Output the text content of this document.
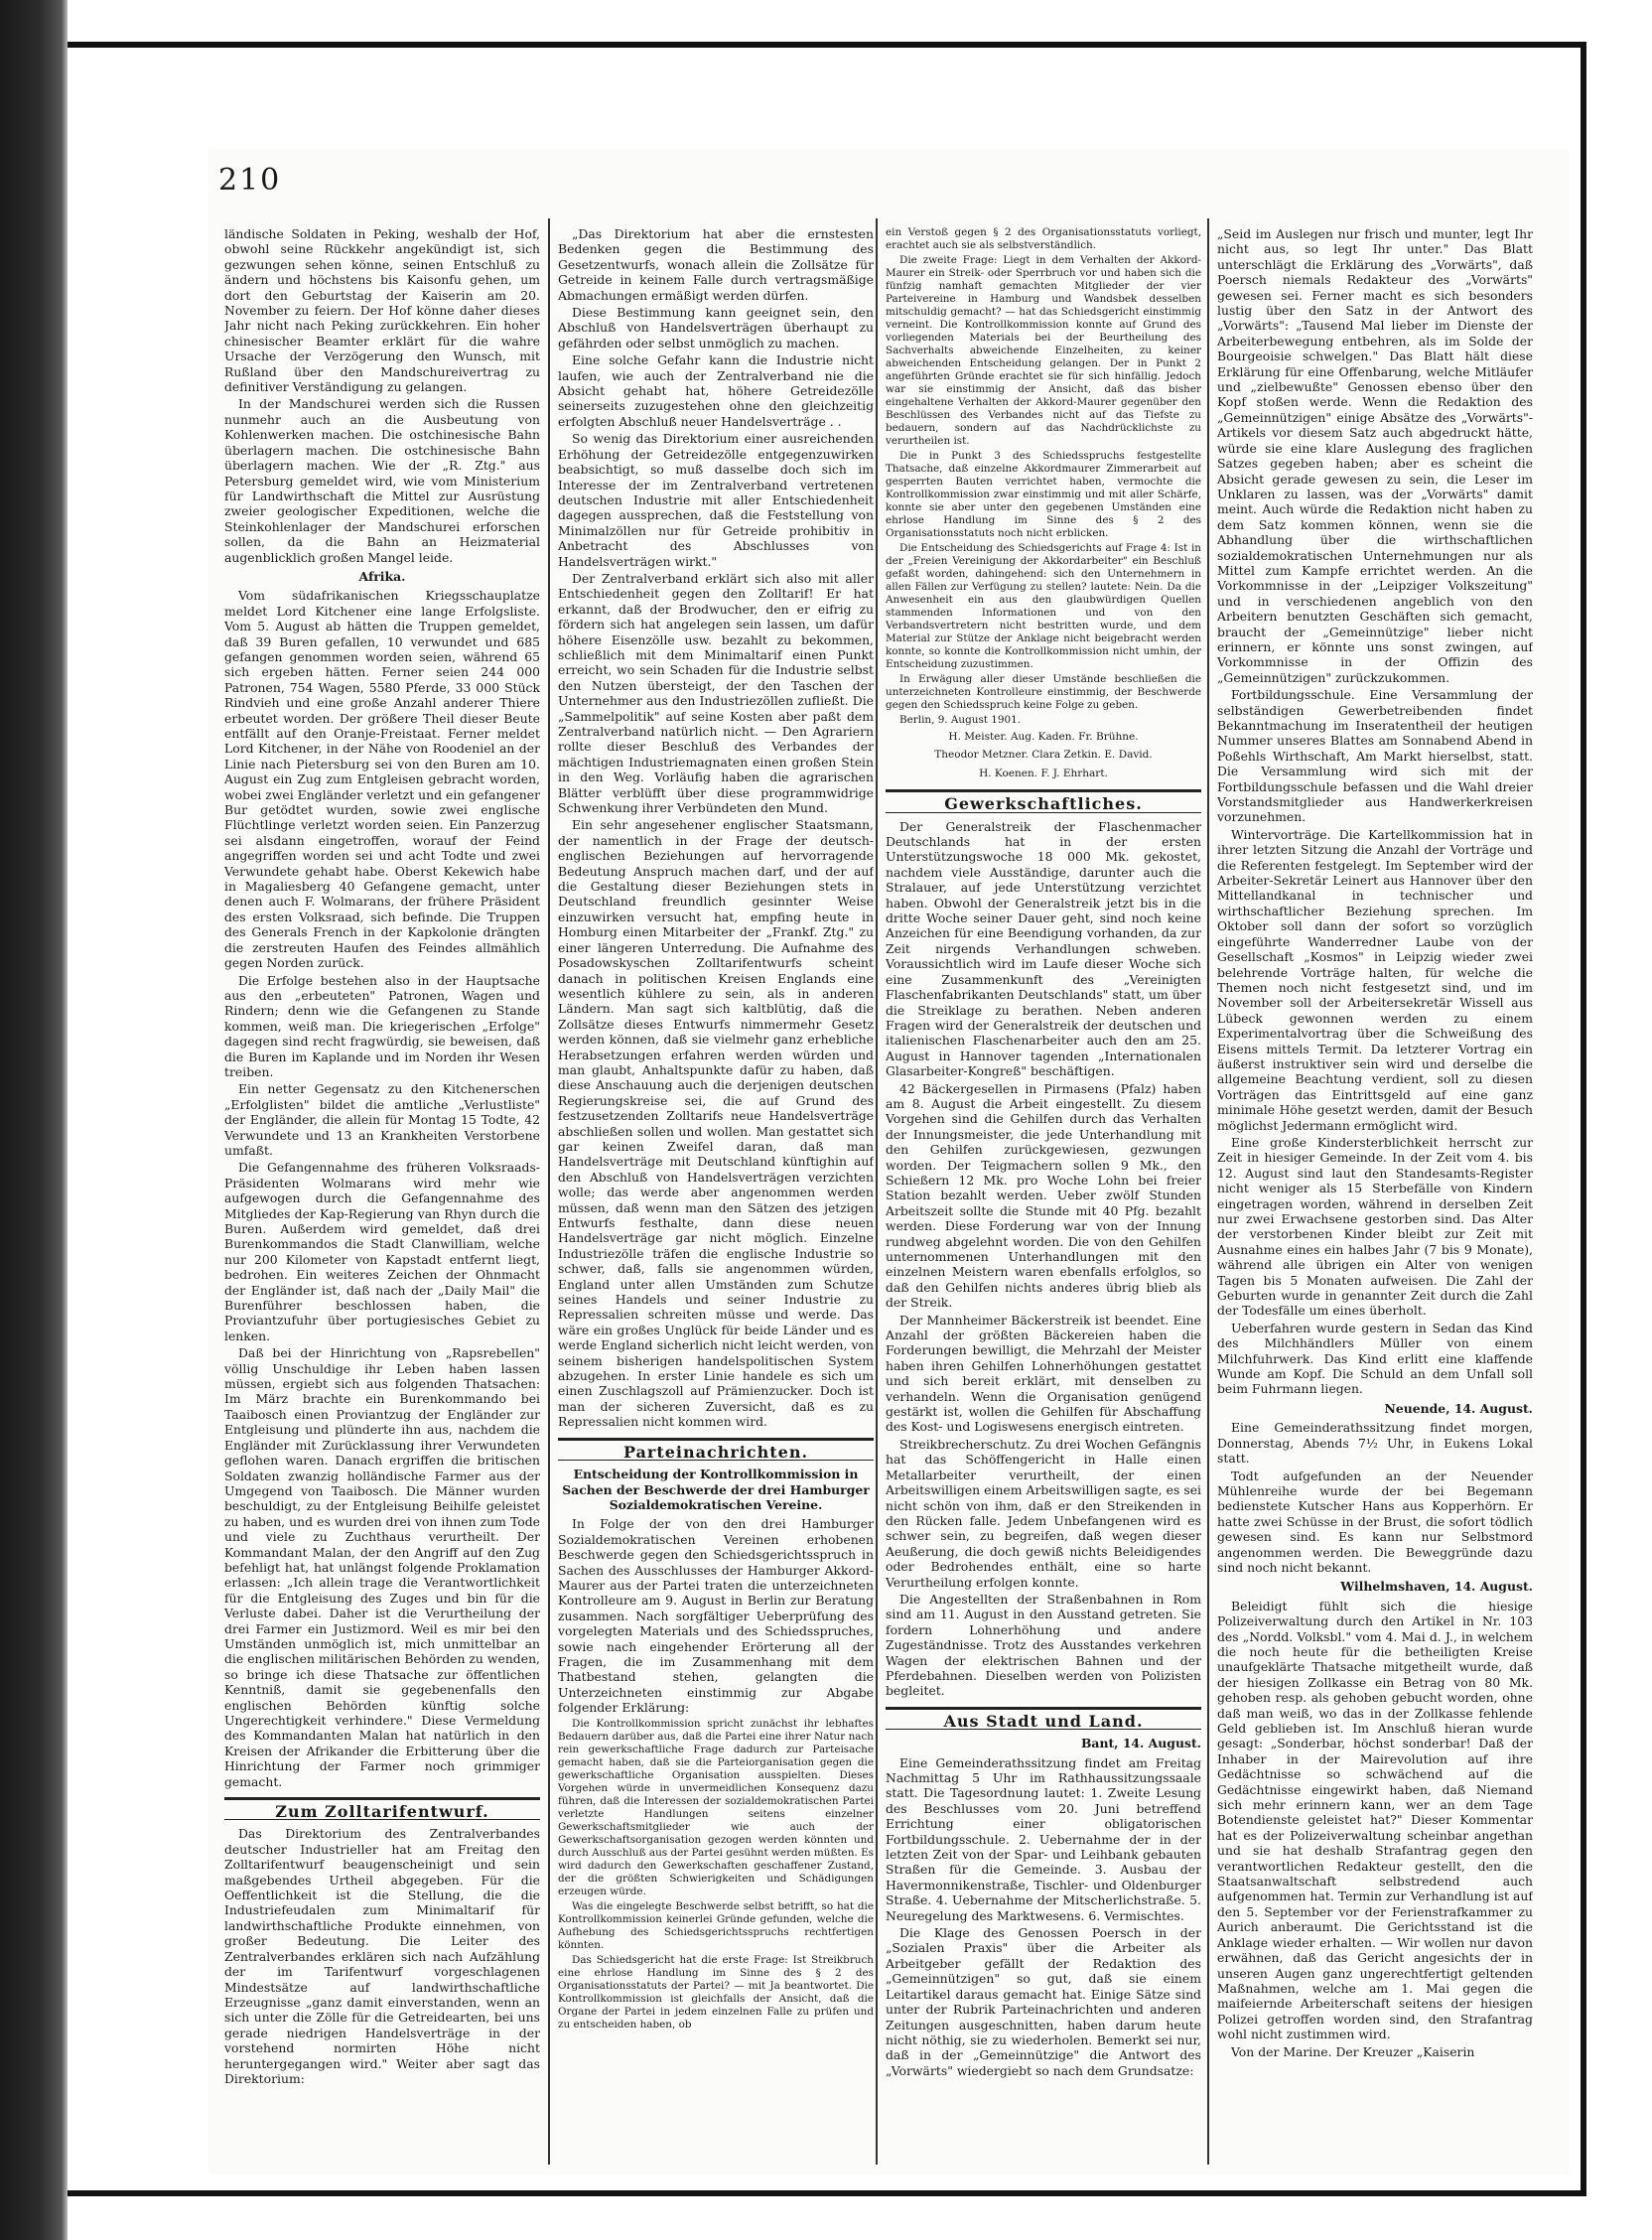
210

ländische Soldaten in Peking, weshalb der Hof, obwohl seine Rückkehr angekündigt ist, sich gezwungen sehen könne, seinen Entschluß zu ändern und höchstens bis Kaisonfu gehen, um dort den Geburtstag der Kaiserin am 20. November zu feiern. Der Hof könne daher dieses Jahr nicht nach Peking zurückkehren. Ein hoher chinesischer Beamter erklärt für die wahre Ursache der Verzögerung den Wunsch, mit Rußland über den Mandschureivertrag zu definitiver Verständigung zu gelangen.

In der Mandschurei werden sich die Russen nunmehr auch an die Ausbeutung von Kohlenwerken machen. Die ostchinesische Bahn überlagern machen. Die ostchinesische Bahn überlagern machen. Wie der „R. Ztg." aus Petersburg gemeldet wird, wie vom Ministerium für Landwirthschaft die Mittel zur Ausrüstung zweier geologischer Expeditionen, welche die Steinkohlenlager der Mandschurei erforschen sollen, da die Bahn an Heizmaterial augenblicklich großen Mangel leide.

Afrika.

Vom südafrikanischen Kriegsschauplatze meldet Lord Kitchener eine lange Erfolgsliste. Vom 5. August ab hätten die Truppen gemeldet, daß 39 Buren gefallen, 10 verwundet und 685 gefangen genommen worden seien, während 65 sich ergeben hätten. Ferner seien 244 000 Patronen, 754 Wagen, 5580 Pferde, 33 000 Stück Rindvieh und eine große Anzahl anderer Thiere erbeutet worden. Der größere Theil dieser Beute entfällt auf den Oranje-Freistaat. Ferner meldet Lord Kitchener, in der Nähe von Roodeniel an der Linie nach Pietersburg sei von den Buren am 10. August ein Zug zum Entgleisen gebracht worden, wobei zwei Engländer verletzt und ein gefangener Bur getödtet wurden, sowie zwei englische Flüchtlinge verletzt worden seien. Ein Panzerzug sei alsdann eingetroffen, worauf der Feind angegriffen worden sei und acht Todte und zwei Verwundete gehabt habe. Oberst Kekewich habe in Magaliesberg 40 Gefangene gemacht, unter denen auch F. Wolmarans, der frühere Präsident des ersten Volksraad, sich befinde. Die Truppen des Generals French in der Kapkolonie drängten die zerstreuten Haufen des Feindes allmählich gegen Norden zurück.

Die Erfolge bestehen also in der Hauptsache aus den „erbeuteten" Patronen, Wagen und Rindern; denn wie die Gefangenen zu Stande kommen, weiß man. Die kriegerischen „Erfolge" dagegen sind recht fragwürdig, sie beweisen, daß die Buren im Kaplande und im Norden ihr Wesen treiben.

Ein netter Gegensatz zu den Kitchenerschen „Erfolglisten" bildet die amtliche „Verlustliste" der Engländer, die allein für Montag 15 Todte, 42 Verwundete und 13 an Krankheiten Verstorbene umfaßt.

Die Gefangennahme des früheren Volksraads-Präsidenten Wolmarans wird mehr wie aufgewogen durch die Gefangennahme des Mitgliedes der Kap-Regierung van Rhyn durch die Buren. Außerdem wird gemeldet, daß drei Burenkommandos die Stadt Clanwilliam, welche nur 200 Kilometer von Kapstadt entfernt liegt, bedrohen. Ein weiteres Zeichen der Ohnmacht der Engländer ist, daß nach der „Daily Mail" die Burenführer beschlossen haben, die Proviantzufuhr über portugiesisches Gebiet zu lenken.

Daß bei der Hinrichtung von „Rapsrebellen" völlig Unschuldige ihr Leben haben lassen müssen, ergiebt sich aus folgenden Thatsachen: Im März brachte ein Burenkommando bei Taaibosch einen Proviantzug der Engländer zur Entgleisung und plünderte ihn aus, nachdem die Engländer mit Zurücklassung ihrer Verwundeten geflohen waren. Danach ergriffen die britischen Soldaten zwanzig holländische Farmer aus der Umgegend von Taaibosch. Die Männer wurden beschuldigt, zu der Entgleisung Beihilfe geleistet zu haben, und es wurden drei von ihnen zum Tode und viele zu Zuchthaus verurtheilt. Der Kommandant Malan, der den Angriff auf den Zug befehligt hat, hat unlängst folgende Proklamation erlassen: „Ich allein trage die Verantwortlichkeit für die Entgleisung des Zuges und bin für die Verluste dabei. Daher ist die Verurtheilung der drei Farmer ein Justizmord. Weil es mir bei den Umständen unmöglich ist, mich unmittelbar an die englischen militärischen Behörden zu wenden, so bringe ich diese Thatsache zur öffentlichen Kenntniß, damit sie gegebenenfalls den englischen Behörden künftig solche Ungerechtigkeit verhindere." Diese Vermeldung des Kommandanten Malan hat natürlich in den Kreisen der Afrikander die Erbitterung über die Hinrichtung der Farmer noch grimmiger gemacht.

Zum Zolltarifentwurf.

Das Direktorium des Zentralverbandes deutscher Industrieller hat am Freitag den Zolltarifentwurf beaugenscheinigt und sein maßgebendes Urtheil abgegeben. Für die Oeffentlichkeit ist die Stellung, die die Industriefeudalen zum Minimaltarif für landwirthschaftliche Produkte einnehmen, von großer Bedeutung. Die Leiter des Zentralverbandes erklären sich nach Aufzählung der im Tarifentwurf vorgeschlagenen Mindestsätze auf landwirthschaftliche Erzeugnisse „ganz damit einverstanden, wenn an sich unter die Zölle für die Getreidearten, bei uns gerade niedrigen Handelsverträge in der vorstehend normirten Höhe nicht heruntergegangen wird." Weiter aber sagt das Direktorium:

„Das Direktorium hat aber die ernstesten Bedenken gegen die Bestimmung des Gesetzentwurfs, wonach allein die Zollsätze für Getreide in keinem Falle durch vertragsmäßige Abmachungen ermäßigt werden dürfen.

Diese Bestimmung kann geeignet sein, den Abschluß von Handelsverträgen überhaupt zu gefährden oder selbst unmöglich zu machen.

Eine solche Gefahr kann die Industrie nicht laufen, wie auch der Zentralverband nie die Absicht gehabt hat, höhere Getreidezölle seinerseits zuzugestehen ohne den gleichzeitig erfolgten Abschluß neuer Handelsverträge . .

So wenig das Direktorium einer ausreichenden Erhöhung der Getreidezölle entgegenzuwirken beabsichtigt, so muß dasselbe doch sich im Interesse der im Zentralverband vertretenen deutschen Industrie mit aller Entschiedenheit dagegen aussprechen, daß die Feststellung von Minimalzöllen nur für Getreide prohibitiv in Anbetracht des Abschlusses von Handelsverträgen wirkt."

Der Zentralverband erklärt sich also mit aller Entschiedenheit gegen den Zolltarif! Er hat erkannt, daß der Brodwucher, den er eifrig zu fördern sich hat angelegen sein lassen, um dafür höhere Eisenzölle usw. bezahlt zu bekommen, schließlich mit dem Minimaltarif einen Punkt erreicht, wo sein Schaden für die Industrie selbst den Nutzen übersteigt, der den Taschen der Unternehmer aus den Industriezöllen zufließt. Die „Sammelpolitik" auf seine Kosten aber paßt dem Zentralverband natürlich nicht. — Den Agrariern rollte dieser Beschluß des Verbandes der mächtigen Industriemagnaten einen großen Stein in den Weg. Vorläufig haben die agrarischen Blätter verblüfft über diese programmwidrige Schwenkung ihrer Verbündeten den Mund.

Ein sehr angesehener englischer Staatsmann, der namentlich in der Frage der deutsch-englischen Beziehungen auf hervorragende Bedeutung Anspruch machen darf, und der auf die Gestaltung dieser Beziehungen stets in Deutschland freundlich gesinnter Weise einzuwirken versucht hat, empfing heute in Homburg einen Mitarbeiter der „Frankf. Ztg." zu einer längeren Unterredung. Die Aufnahme des Posadowskyschen Zolltarifentwurfs scheint danach in politischen Kreisen Englands eine wesentlich kühlere zu sein, als in anderen Ländern. Man sagt sich kaltblütig, daß die Zollsätze dieses Entwurfs nimmermehr Gesetz werden können, daß sie vielmehr ganz erhebliche Herabsetzungen erfahren werden würden und man glaubt, Anhaltspunkte dafür zu haben, daß diese Anschauung auch die derjenigen deutschen Regierungskreise sei, die auf Grund des festzusetzenden Zolltarifs neue Handelsverträge abschließen sollen und wollen. Man gestattet sich gar keinen Zweifel daran, daß man Handelsverträge mit Deutschland künftighin auf den Abschluß von Handelsverträgen verzichten wolle; das werde aber angenommen werden müssen, daß wenn man den Sätzen des jetzigen Entwurfs festhalte, dann diese neuen Handelsverträge gar nicht möglich. Einzelne Industriezölle träfen die englische Industrie so schwer, daß, falls sie angenommen würden, England unter allen Umständen zum Schutze seines Handels und seiner Industrie zu Repressalien schreiten müsse und werde. Das wäre ein großes Unglück für beide Länder und es werde England sicherlich nicht leicht werden, von seinem bisherigen handelspolitischen System abzugehen. In erster Linie handele es sich um einen Zuschlagszoll auf Prämienzucker. Doch ist man der sicheren Zuversicht, daß es zu Repressalien nicht kommen wird.

Parteinachrichten.
Entscheidung der Kontrollkommission in Sachen der Beschwerde der drei Hamburger Sozialdemokratischen Vereine.

In Folge der von den drei Hamburger Sozialdemokratischen Vereinen erhobenen Beschwerde gegen den Schiedsgerichtsspruch in Sachen des Ausschlusses der Hamburger Akkord-Maurer aus der Partei traten die unterzeichneten Kontrolleure am 9. August in Berlin zur Beratung zusammen. Nach sorgfältiger Ueberprüfung des vorgelegten Materials und des Schiedsspruches, sowie nach eingehender Erörterung all der Fragen, die im Zusammenhang mit dem Thatbestand stehen, gelangten die Unterzeichneten einstimmig zur Abgabe folgender Erklärung:

Die Kontrollkommission spricht zunächst ihr lebhaftes Bedauern darüber aus, daß die Partei eine ihrer Natur nach rein gewerkschaftliche Frage dadurch zur Parteisache gemacht haben, daß sie die Parteiorganisation gegen die gewerkschaftliche Organisation ausspielten. Dieses Vorgehen würde in unvermeidlichen Konsequenz dazu führen, daß die Interessen der sozialdemokratischen Partei verletzte Handlungen seitens einzelner Gewerkschaftsmitglieder wie auch der Gewerkschaftsorganisation gezogen werden könnten und durch Ausschluß aus der Partei gesühnt werden müßten. Es wird dadurch den Gewerkschaften geschaffener Zustand, der die größten Schwierigkeiten und Schädigungen erzeugen würde.

Was die eingelegte Beschwerde selbst betrifft, so hat die Kontrollkommission keinerlei Gründe gefunden, welche die Aufhebung des Schiedsgerichtsspruchs rechtfertigen könnten.

Das Schiedsgericht hat die erste Frage: Ist Streikbruch eine ehrlose Handlung im Sinne des § 2 des Organisationsstatuts der Partei? — mit Ja beantwortet. Die Kontrollkommission ist gleichfalls der Ansicht, daß die Organe der Partei in jedem einzelnen Falle zu prüfen und zu entscheiden haben, ob

ein Verstoß gegen § 2 des Organisationsstatuts vorliegt, erachtet auch sie als selbstverständlich.

Die zweite Frage: Liegt in dem Verhalten der Akkord-Maurer ein Streik- oder Sperrbruch vor und haben sich die fünfzig namhaft gemachten Mitglieder der vier Parteivereine in Hamburg und Wandsbek desselben mitschuldig gemacht? — hat das Schiedsgericht einstimmig verneint. Die Kontrollkommission konnte auf Grund des vorliegenden Materials bei der Beurtheilung des Sachverhalts abweichende Einzelheiten, zu keiner abweichenden Entscheidung gelangen. Der in Punkt 2 angeführten Gründe erachtet sie für sich hinfällig. Jedoch war sie einstimmig der Ansicht, daß das bisher eingehaltene Verhalten der Akkord-Maurer gegenüber den Beschlüssen des Verbandes nicht auf das Tiefste zu bedauern, sondern auf das Nachdrücklichste zu verurtheilen ist.

Die in Punkt 3 des Schiedsspruchs festgestellte Thatsache, daß einzelne Akkordmaurer Zimmerarbeit auf gesperrten Bauten verrichtet haben, vermochte die Kontrollkommission zwar einstimmig und mit aller Schärfe, konnte sie aber unter den gegebenen Umständen eine ehrlose Handlung im Sinne des § 2 des Organisationsstatuts noch nicht erblicken.

Die Entscheidung des Schiedsgerichts auf Frage 4: Ist in der „Freien Vereinigung der Akkordarbeiter" ein Beschluß gefaßt worden, dahingehend: sich den Unternehmern in allen Fällen zur Verfügung zu stellen? lautete: Nein. Da die Anwesenheit ein aus den glaubwürdigen Quellen stammenden Informationen und von den Verbandsvertretern nicht bestritten wurde, und dem Material zur Stütze der Anklage nicht beigebracht werden konnte, so konnte die Kontrollkommission nicht umhin, der Entscheidung zuzustimmen.

In Erwägung aller dieser Umstände beschließen die unterzeichneten Kontrolleure einstimmig, der Beschwerde gegen den Schiedsspruch keine Folge zu geben.

Berlin, 9. August 1901.

H. Meister. Aug. Kaden. Fr. Brühne.
Theodor Metzner. Clara Zetkin. E. David.
H. Koenen. F. J. Ehrhart.
Gewerkschaftliches.

Der Generalstreik der Flaschenmacher Deutschlands hat in der ersten Unterstützungswoche 18 000 Mk. gekostet, nachdem viele Ausständige, darunter auch die Stralauer, auf jede Unterstützung verzichtet haben. Obwohl der Generalstreik jetzt bis in die dritte Woche seiner Dauer geht, sind noch keine Anzeichen für eine Beendigung vorhanden, da zur Zeit nirgends Verhandlungen schweben. Voraussichtlich wird im Laufe dieser Woche sich eine Zusammenkunft des „Vereinigten Flaschenfabrikanten Deutschlands" statt, um über die Streiklage zu berathen. Neben anderen Fragen wird der Generalstreik der deutschen und italienischen Flaschenarbeiter auch den am 25. August in Hannover tagenden „Internationalen Glasarbeiter-Kongreß" beschäftigen.

42 Bäckergesellen in Pirmasens (Pfalz) haben am 8. August die Arbeit eingestellt. Zu diesem Vorgehen sind die Gehilfen durch das Verhalten der Innungsmeister, die jede Unterhandlung mit den Gehilfen zurückgewiesen, gezwungen worden. Der Teigmachern sollen 9 Mk., den Schießern 12 Mk. pro Woche Lohn bei freier Station bezahlt werden. Ueber zwölf Stunden Arbeitszeit sollte die Stunde mit 40 Pfg. bezahlt werden. Diese Forderung war von der Innung rundweg abgelehnt worden. Die von den Gehilfen unternommenen Unterhandlungen mit den einzelnen Meistern waren ebenfalls erfolglos, so daß den Gehilfen nichts anderes übrig blieb als der Streik.

Der Mannheimer Bäckerstreik ist beendet. Eine Anzahl der größten Bäckereien haben die Forderungen bewilligt, die Mehrzahl der Meister haben ihren Gehilfen Lohnerhöhungen gestattet und sich bereit erklärt, mit denselben zu verhandeln. Wenn die Organisation genügend gestärkt ist, wollen die Gehilfen für Abschaffung des Kost- und Logiswesens energisch eintreten.

Streikbrecherschutz. Zu drei Wochen Gefängnis hat das Schöffengericht in Halle einen Metallarbeiter verurtheilt, der einen Arbeitswilligen einem Arbeitswilligen sagte, es sei nicht schön von ihm, daß er den Streikenden in den Rücken falle. Jedem Unbefangenen wird es schwer sein, zu begreifen, daß wegen dieser Aeußerung, die doch gewiß nichts Beleidigendes oder Bedrohendes enthält, eine so harte Verurtheilung erfolgen konnte.

Die Angestellten der Straßenbahnen in Rom sind am 11. August in den Ausstand getreten. Sie fordern Lohnerhöhung und andere Zugeständnisse. Trotz des Ausstandes verkehren Wagen der elektrischen Bahnen und der Pferdebahnen. Dieselben werden von Polizisten begleitet.

Aus Stadt und Land.
Bant, 14. August.

Eine Gemeinderathssitzung findet am Freitag Nachmittag 5 Uhr im Rathhaussitzungssaale statt. Die Tagesordnung lautet: 1. Zweite Lesung des Beschlusses vom 20. Juni betreffend Errichtung einer obligatorischen Fortbildungsschule. 2. Uebernahme der in der letzten Zeit von der Spar- und Leihbank gebauten Straßen für die Gemeinde. 3. Ausbau der Havermonnikenstraße, Tischler- und Oldenburger Straße. 4. Uebernahme der Mitscherlichstraße. 5. Neuregelung des Marktwesens. 6. Vermischtes.

Die Klage des Genossen Poersch in der „Sozialen Praxis" über die Arbeiter als Arbeitgeber gefällt der Redaktion des „Gemeinnützigen" so gut, daß sie einem Leitartikel daraus gemacht hat. Einige Sätze sind unter der Rubrik Parteinachrichten und anderen Zeitungen ausgeschnitten, haben darum heute nicht nöthig, sie zu wiederholen. Bemerkt sei nur, daß in der „Gemeinnützige" die Antwort des „Vorwärts" wiedergiebt so nach dem Grundsatze:

„Seid im Auslegen nur frisch und munter, legt Ihr nicht aus, so legt Ihr unter." Das Blatt unterschlägt die Erklärung des „Vorwärts", daß Poersch niemals Redakteur des „Vorwärts" gewesen sei. Ferner macht es sich besonders lustig über den Satz in der Antwort des „Vorwärts": „Tausend Mal lieber im Dienste der Arbeiterbewegung entbehren, als im Solde der Bourgeoisie schwelgen." Das Blatt hält diese Erklärung für eine Offenbarung, welche Mitläufer und „zielbewußte" Genossen ebenso über den Kopf stoßen werde. Wenn die Redaktion des „Gemeinnützigen" einige Absätze des „Vorwärts"-Artikels vor diesem Satz auch abgedruckt hätte, würde sie eine klare Auslegung des fraglichen Satzes gegeben haben; aber es scheint die Absicht gerade gewesen zu sein, die Leser im Unklaren zu lassen, was der „Vorwärts" damit meint. Auch würde die Redaktion nicht haben zu dem Satz kommen können, wenn sie die Abhandlung über die wirthschaftlichen sozialdemokratischen Unternehmungen nur als Mittel zum Kampfe errichtet werden. An die Vorkommnisse in der „Leipziger Volkszeitung" und in verschiedenen angeblich von den Arbeitern benutzten Geschäften sich gemacht, braucht der „Gemeinnützige" lieber nicht erinnern, er könnte uns sonst zwingen, auf Vorkommnisse in der Offizin des „Gemeinnützigen" zurückzukommen.

Fortbildungsschule. Eine Versammlung der selbständigen Gewerbetreibenden findet Bekanntmachung im Inseratentheil der heutigen Nummer unseres Blattes am Sonnabend Abend in Poßehls Wirthschaft, Am Markt hierselbst, statt. Die Versammlung wird sich mit der Fortbildungsschule befassen und die Wahl dreier Vorstandsmitglieder aus Handwerkerkreisen vorzunehmen.

Wintervorträge. Die Kartellkommission hat in ihrer letzten Sitzung die Anzahl der Vorträge und die Referenten festgelegt. Im September wird der Arbeiter-Sekretär Leinert aus Hannover über den Mittellandkanal in technischer und wirthschaftlicher Beziehung sprechen. Im Oktober soll dann der sofort so vorzüglich eingeführte Wanderredner Laube von der Gesellschaft „Kosmos" in Leipzig wieder zwei belehrende Vorträge halten, für welche die Themen noch nicht festgesetzt sind, und im November soll der Arbeitersekretär Wissell aus Lübeck gewonnen werden zu einem Experimentalvortrag über die Schweißung des Eisens mittels Termit. Da letzterer Vortrag ein äußerst instruktiver sein wird und derselbe die allgemeine Beachtung verdient, soll zu diesen Vorträgen das Eintrittsgeld auf eine ganz minimale Höhe gesetzt werden, damit der Besuch möglichst Jedermann ermöglicht wird.

Eine große Kindersterblichkeit herrscht zur Zeit in hiesiger Gemeinde. In der Zeit vom 4. bis 12. August sind laut den Standesamts-Register nicht weniger als 15 Sterbefälle von Kindern eingetragen worden, während in derselben Zeit nur zwei Erwachsene gestorben sind. Das Alter der verstorbenen Kinder bleibt zur Zeit mit Ausnahme eines ein halbes Jahr (7 bis 9 Monate), während alle übrigen ein Alter von wenigen Tagen bis 5 Monaten aufweisen. Die Zahl der Geburten wurde in genannter Zeit durch die Zahl der Todesfälle um eines überholt.

Ueberfahren wurde gestern in Sedan das Kind des Milchhändlers Müller von einem Milchfuhrwerk. Das Kind erlitt eine klaffende Wunde am Kopf. Die Schuld an dem Unfall soll beim Fuhrmann liegen.

Neuende, 14. August.

Eine Gemeinderathssitzung findet morgen, Donnerstag, Abends 7½ Uhr, in Eukens Lokal statt.

Todt aufgefunden an der Neuender Mühlenreihe wurde der bei Begemann bedienstete Kutscher Hans aus Kopperhörn. Er hatte zwei Schüsse in der Brust, die sofort tödlich gewesen sind. Es kann nur Selbstmord angenommen werden. Die Beweggründe dazu sind noch nicht bekannt.

Wilhelmshaven, 14. August.

Beleidigt fühlt sich die hiesige Polizeiverwaltung durch den Artikel in Nr. 103 des „Nordd. Volksbl." vom 4. Mai d. J., in welchem die noch heute für die betheiligten Kreise unaufgeklärte Thatsache mitgetheilt wurde, daß der hiesigen Zollkasse ein Betrag von 80 Mk. gehoben resp. als gehoben gebucht worden, ohne daß man weiß, wo das in der Zollkasse fehlende Geld geblieben ist. Im Anschluß hieran wurde gesagt: „Sonderbar, höchst sonderbar! Daß der Inhaber in der Mairevolution auf ihre Gedächtnisse so schwächend auf die Gedächtnisse eingewirkt haben, daß Niemand sich mehr erinnern kann, wer an dem Tage Botendienste geleistet hat?" Dieser Kommentar hat es der Polizeiverwaltung scheinbar angethan und sie hat deshalb Strafantrag gegen den verantwortlichen Redakteur gestellt, den die Staatsanwaltschaft selbstredend auch aufgenommen hat. Termin zur Verhandlung ist auf den 5. September vor der Ferienstrafkammer zu Aurich anberaumt. Die Gerichtsstand ist die Anklage wieder erhalten. — Wir wollen nur davon erwähnen, daß das Gericht angesichts der in unseren Augen ganz ungerechtfertigt geltenden Maßnahmen, welche am 1. Mai gegen die maifeiernde Arbeiterschaft seitens der hiesigen Polizei getroffen worden sind, den Strafantrag wohl nicht zustimmen wird.

Von der Marine. Der Kreuzer „Kaiserin
